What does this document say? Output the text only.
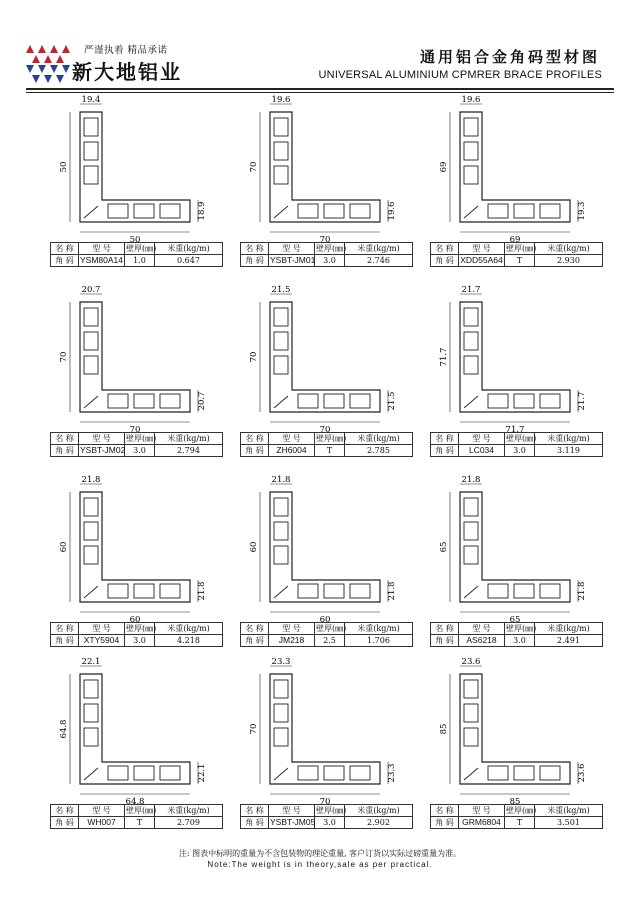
严谨执着 精品承诺
新大地铝业
通用铝合金角码型材图
UNIVERSAL ALUMINIUM CPMRER BRACE PROFILES
19.4
50
50
18.9
名 称	型 号	壁厚(㎜)	米重(kg/m)
角 码	YSM80A14	1.0	0.647
19.6
70
70
19.6
名 称	型 号	壁厚(㎜)	米重(kg/m)
角 码	YSBT-JM01	3.0	2.746
19.6
69
69
19.3
名 称	型 号	壁厚(㎜)	米重(kg/m)
角 码	XDD55A64	T	2.930
20.7
70
70
20.7
名 称	型 号	壁厚(㎜)	米重(kg/m)
角 码	YSBT-JM02	3.0	2.794
21.5
70
70
21.5
名 称	型 号	壁厚(㎜)	米重(kg/m)
角 码	ZH6004	T	2.785
21.7
71.7
71.7
21.7
名 称	型 号	壁厚(㎜)	米重(kg/m)
角 码	LC034	3.0	3.119
21.8
60
60
21.8
名 称	型 号	壁厚(㎜)	米重(kg/m)
角 码	XTY5904	3.0	4.218
21.8
60
60
21.8
名 称	型 号	壁厚(㎜)	米重(kg/m)
角 码	JM218	2.5	1.706
21.8
65
65
21.8
名 称	型 号	壁厚(㎜)	米重(kg/m)
角 码	AS6218	3.0	2.491
22.1
64.8
64.8
22.1
名 称	型 号	壁厚(㎜)	米重(kg/m)
角 码	WH007	T	2.709
23.3
70
70
23.3
名 称	型 号	壁厚(㎜)	米重(kg/m)
角 码	YSBT-JM05	3.0	2.902
23.6
85
85
23.6
名 称	型 号	壁厚(㎜)	米重(kg/m)
角 码	GRM6804	T	3.501
注: 图表中标明的重量为不含包装物的理论重量, 客户订货以实际过磅重量为准。
Note:The weight is in theory,sale as per practical.
